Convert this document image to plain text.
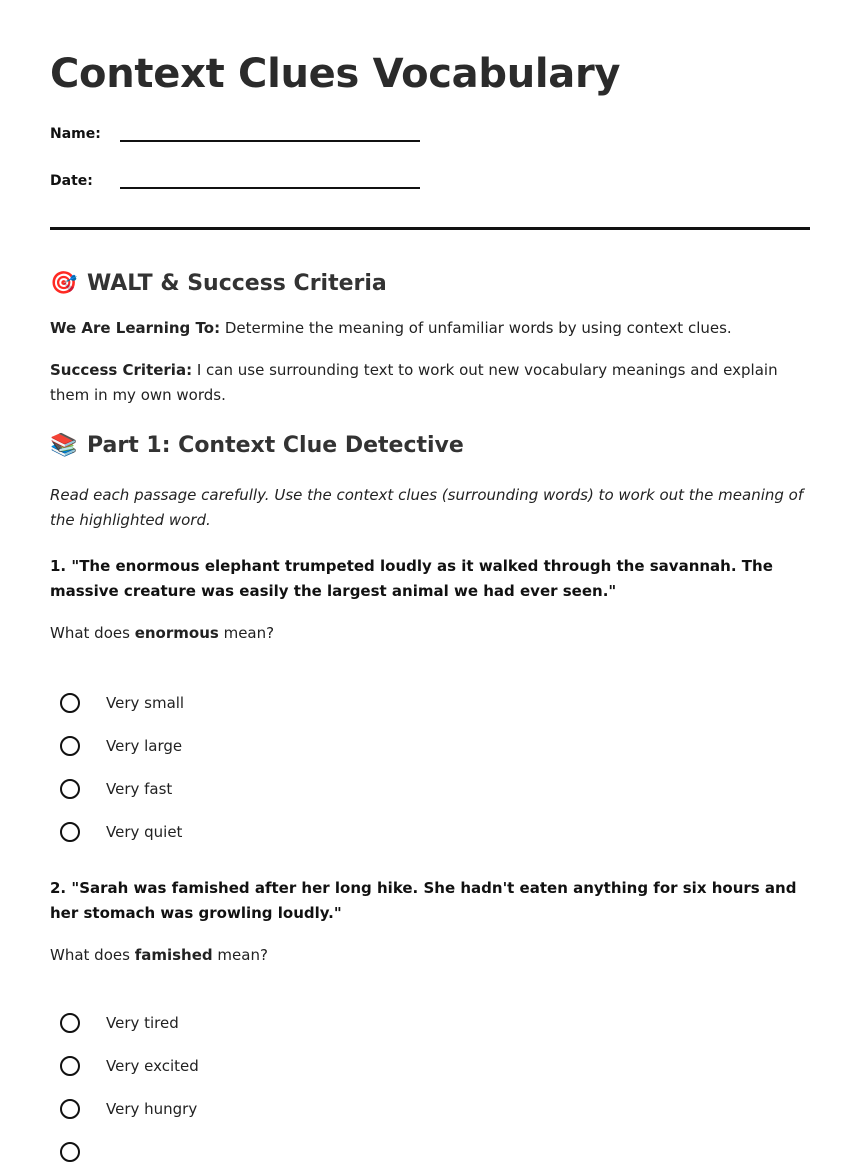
Context Clues Vocabulary
Name:
Date:
🎯 WALT & Success Criteria

We Are Learning To: Determine the meaning of unfamiliar words by using context clues.

Success Criteria: I can use surrounding text to work out new vocabulary meanings and explain them in my own words.

📚 Part 1: Context Clue Detective

Read each passage carefully. Use the context clues (surrounding words) to work out the meaning of the highlighted word.

1. "The enormous elephant trumpeted loudly as it walked through the savannah. The massive creature was easily the largest animal we had ever seen."

What does enormous mean?

Very small
Very large
Very fast
Very quiet

2. "Sarah was famished after her long hike. She hadn't eaten anything for six hours and her stomach was growling loudly."

What does famished mean?

Very tired
Very excited
Very hungry
